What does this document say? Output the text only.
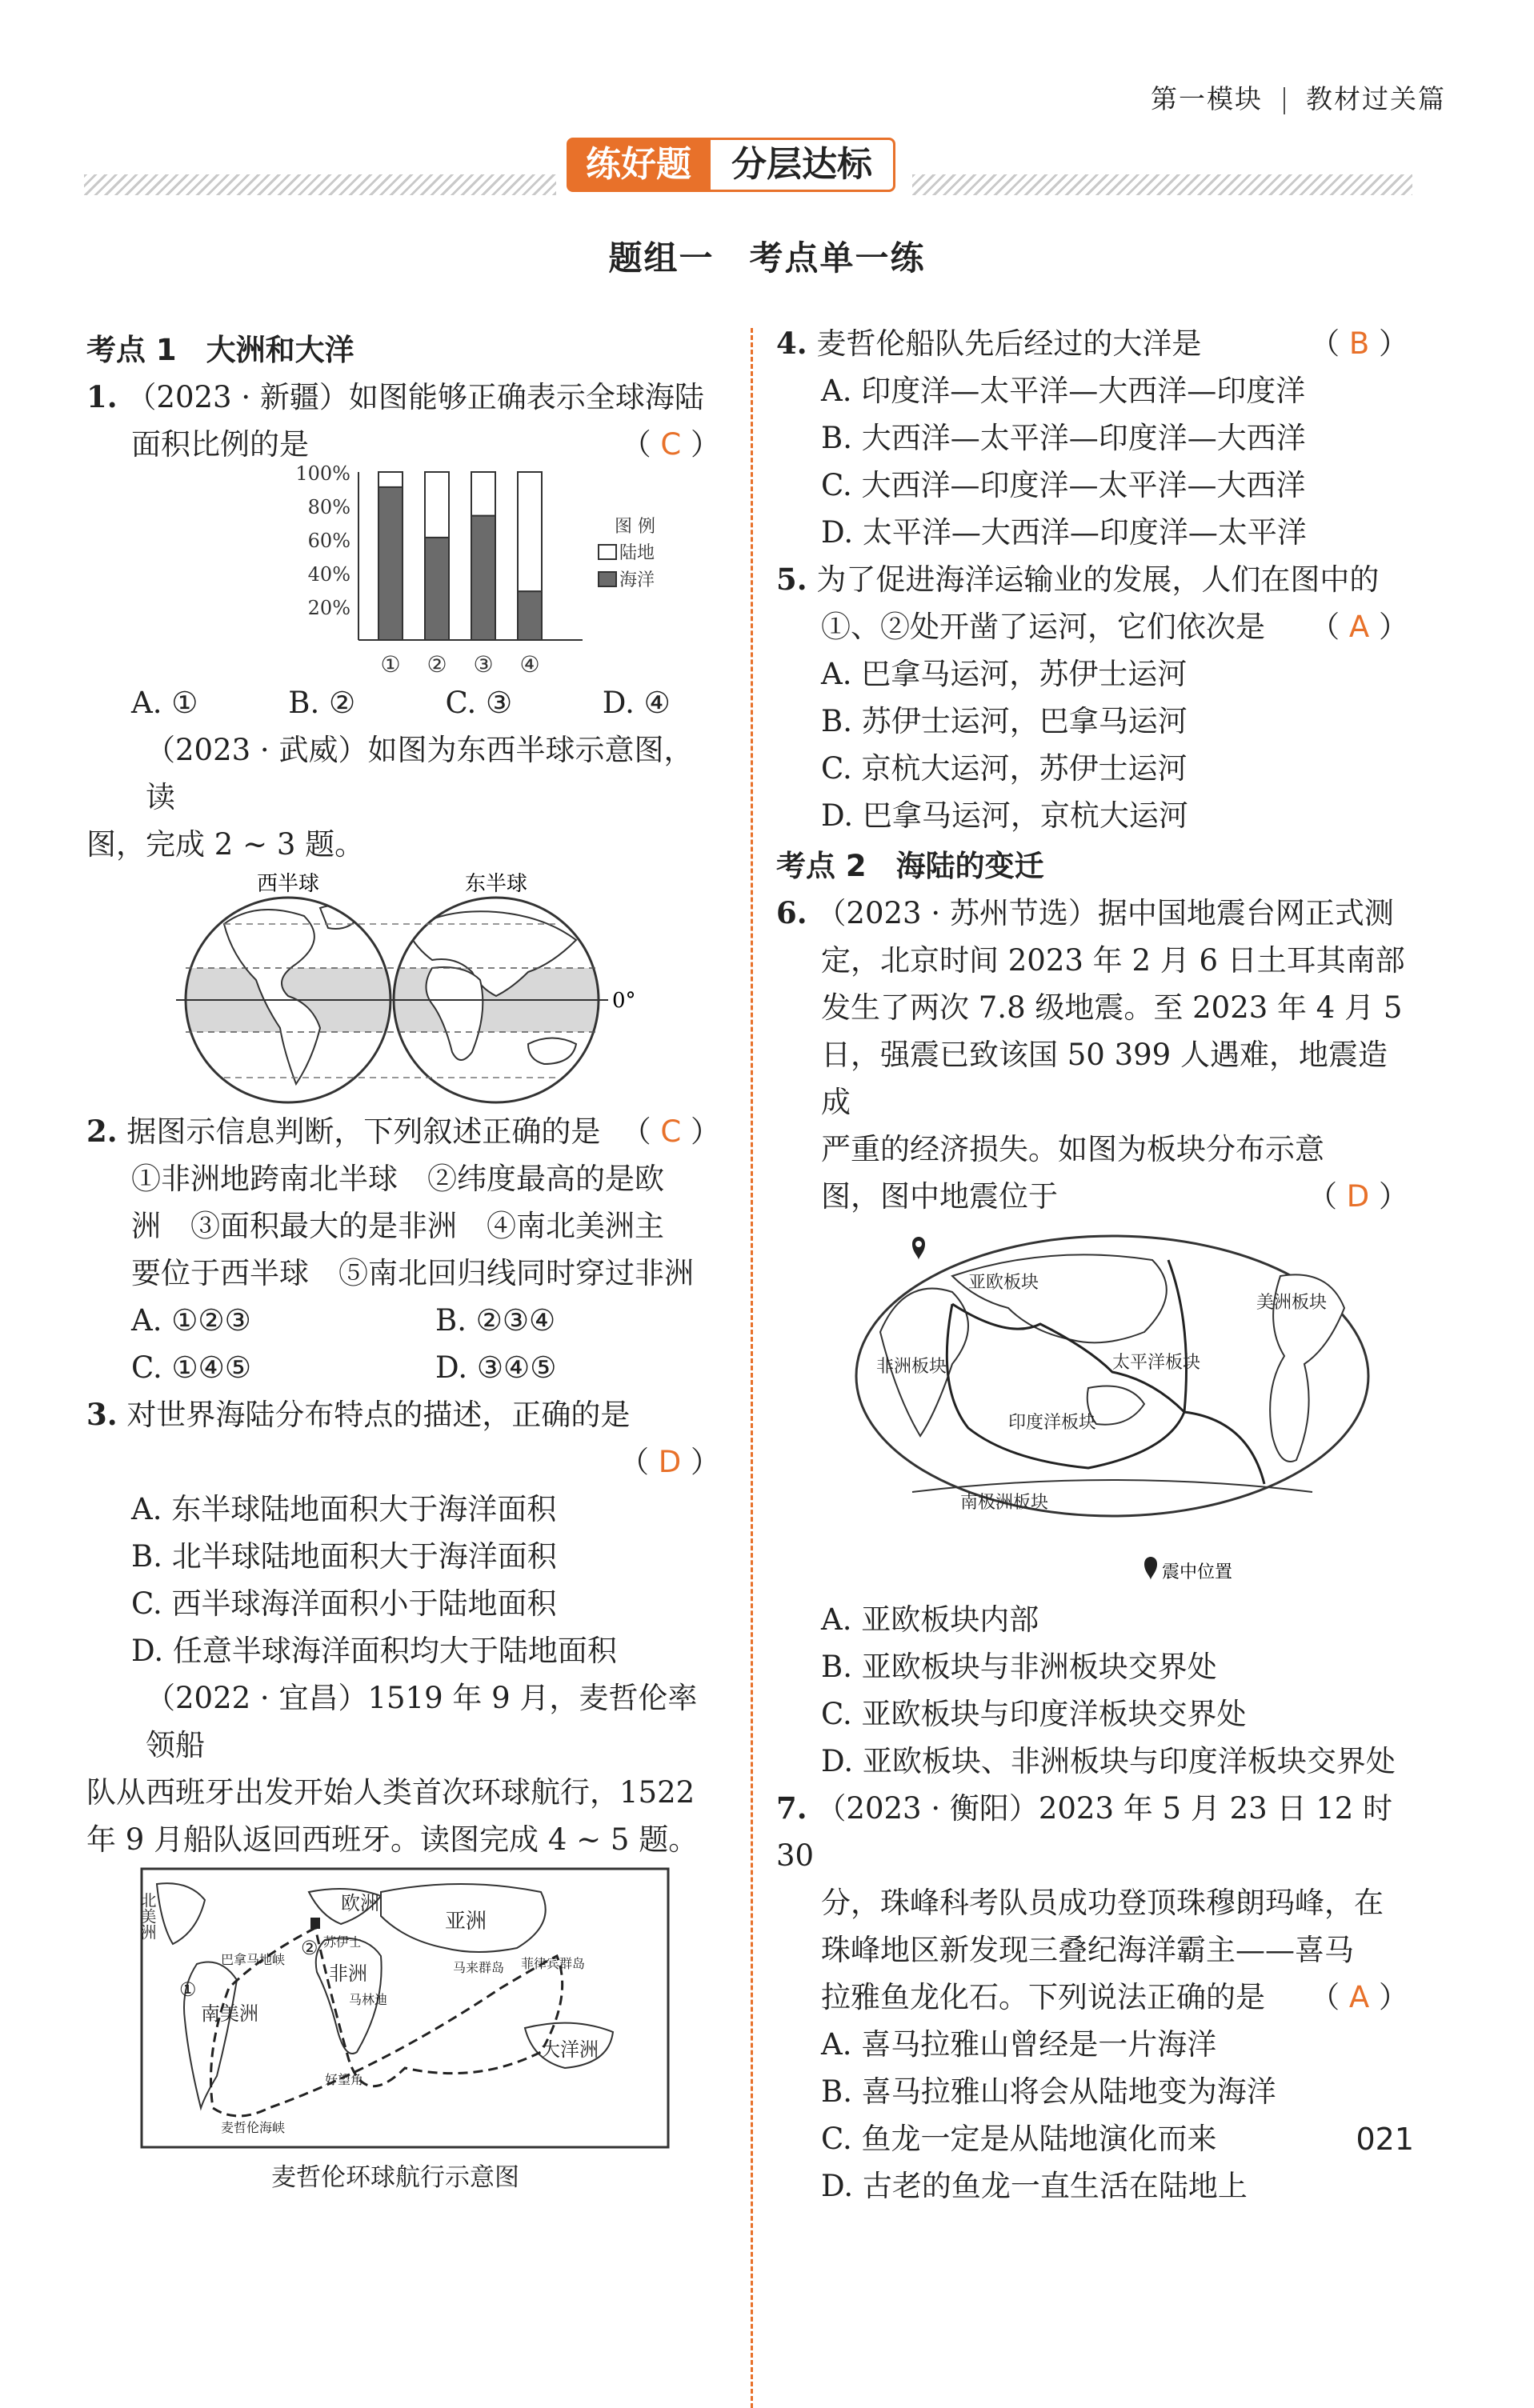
第一模块 教材过关篇
练好题	分层达标
题组一　考点单一练

考点 1　大洲和大洋

1. （2023 · 新疆）如图能够正确表示全球海陆

面积比例的是	（ C ）

100%
80%
60%
40%
20%
① ② ③ ④
图 例
陆地
海洋
A. ①	B. ②	C. ③	D. ④

（2023 · 武威）如图为东西半球示意图，读

图，完成 2 ~ 3 题。

西半球	东半球
0°

2. 据图示信息判断，下列叙述正确的是 （ C ）

①非洲地跨南北半球　②纬度最高的是欧

洲　③面积最大的是非洲　④南北美洲主

要位于西半球　⑤南北回归线同时穿过非洲

A. ①②③	B. ②③④
C. ①④⑤	D. ③④⑤

3. 对世界海陆分布特点的描述，正确的是

（ D ）

A. 东半球陆地面积大于海洋面积

B. 北半球陆地面积大于海洋面积

C. 西半球海洋面积小于陆地面积

D. 任意半球海洋面积均大于陆地面积

（2022 · 宜昌）1519 年 9 月，麦哲伦率领船

队从西班牙出发开始人类首次环球航行，1522

年 9 月船队返回西班牙。读图完成 4 ~ 5 题。

北美洲	欧洲
亚洲
非洲
南美洲
大洋洲
巴拿马地峡
苏伊士
马林迪
菲律宾群岛
好望角
麦哲伦海峡
马来群岛
①
②

麦哲伦环球航行示意图

4. 麦哲伦船队先后经过的大洋是	（ B ）

A. 印度洋—太平洋—大西洋—印度洋

B. 大西洋—太平洋—印度洋—大西洋

C. 大西洋—印度洋—太平洋—大西洋

D. 太平洋—大西洋—印度洋—太平洋

5. 为了促进海洋运输业的发展，人们在图中的

①、②处开凿了运河，它们依次是 （ A ）

A. 巴拿马运河，苏伊士运河

B. 苏伊士运河，巴拿马运河

C. 京杭大运河，苏伊士运河

D. 巴拿马运河，京杭大运河

考点 2　海陆的变迁

6. （2023 · 苏州节选）据中国地震台网正式测

定，北京时间 2023 年 2 月 6 日土耳其南部

发生了两次 7.8 级地震。至 2023 年 4 月 5

日，强震已致该国 50 399 人遇难，地震造成

严重的经济损失。如图为板块分布示意

图，图中地震位于	（ D ）

亚欧板块
美洲板块
非洲板块	太平洋板块
印度洋板块
南极洲板块
震中位置

A. 亚欧板块内部

B. 亚欧板块与非洲板块交界处

C. 亚欧板块与印度洋板块交界处

D. 亚欧板块、非洲板块与印度洋板块交界处

7. （2023 · 衡阳）2023 年 5 月 23 日 12 时 30

分，珠峰科考队员成功登顶珠穆朗玛峰，在

珠峰地区新发现三叠纪海洋霸主——喜马

拉雅鱼龙化石。下列说法正确的是 （ A ）

A. 喜马拉雅山曾经是一片海洋

B. 喜马拉雅山将会从陆地变为海洋

C. 鱼龙一定是从陆地演化而来

D. 古老的鱼龙一直生活在陆地上

021
